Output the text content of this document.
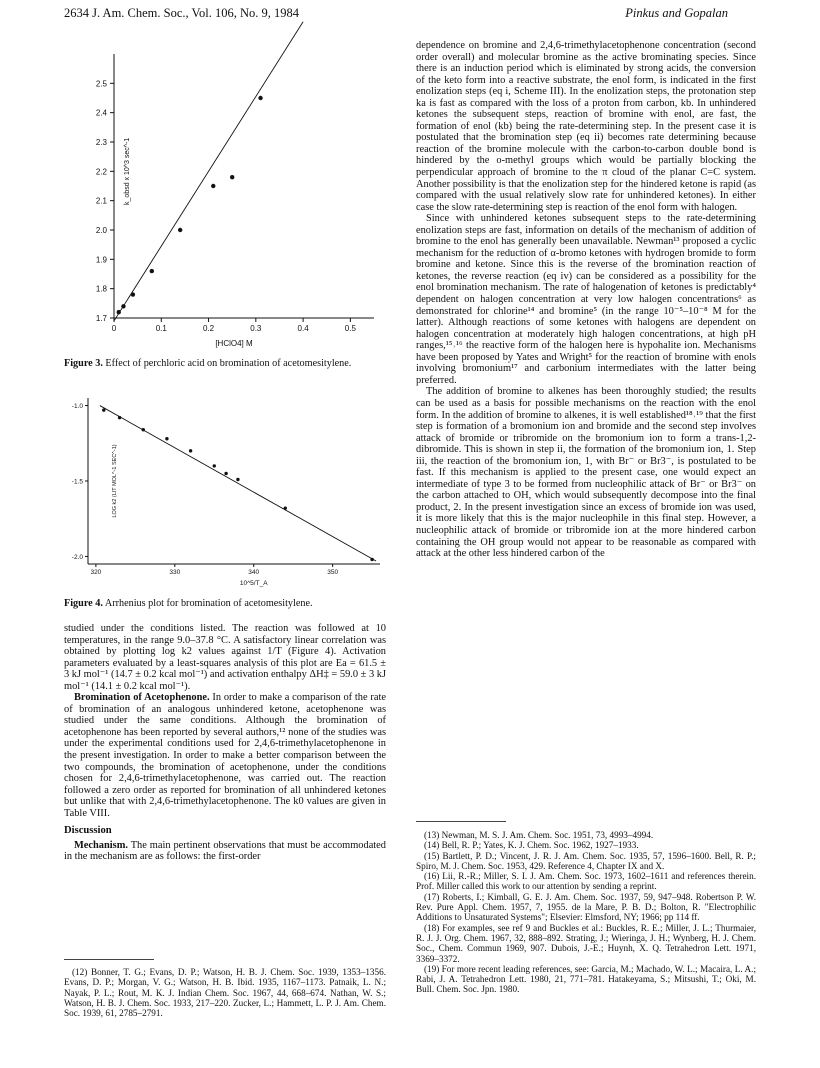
2634 J. Am. Chem. Soc., Vol. 106, No. 9, 1984	Pinkus and Gopalan
1.7
1.8
1.9
2.0
2.1
2.2
2.3
2.4
2.5
0	0.1	0.2	0.3	0.4	0.5
k_obsd x 10^3 sec^-1
[HClO4] M
Figure 3. Effect of perchloric acid on bromination of acetomesitylene.
-1.0
-1.5
-2.0
320	330	340	350
LOG k2 (LIT MOL^-1 SEC^-1)
10^5/T_A
Figure 4. Arrhenius plot for bromination of acetomesitylene.

studied under the conditions listed. The reaction was followed at 10 temperatures, in the range 9.0–37.8 °C. A satisfactory linear correlation was obtained by plotting log k2 values against 1/T (Figure 4). Activation parameters evaluated by a least-squares analysis of this plot are Ea = 61.5 ± 3 kJ mol⁻¹ (14.7 ± 0.2 kcal mol⁻¹) and activation enthalpy ΔH‡ = 59.0 ± 3 kJ mol⁻¹ (14.1 ± 0.2 kcal mol⁻¹).

Bromination of Acetophenone. In order to make a comparison of the rate of bromination of an analogous unhindered ketone, acetophenone was studied under the same conditions. Although the bromination of acetophenone has been reported by several authors,¹² none of the studies was under the experimental conditions used for 2,4,6-trimethylacetophenone in the present investigation. In order to make a better comparison between the two compounds, the bromination of acetophenone, under the conditions chosen for 2,4,6-trimethylacetophenone, was carried out. The reaction followed a zero order as reported for bromination of all unhindered ketones but unlike that with 2,4,6-trimethylacetophenone. The k0 values are given in Table VIII.

Discussion

Mechanism. The main pertinent observations that must be accommodated in the mechanism are as follows: the first-order

(12) Bonner, T. G.; Evans, D. P.; Watson, H. B. J. Chem. Soc. 1939, 1353–1356. Evans, D. P.; Morgan, V. G.; Watson, H. B. Ibid. 1935, 1167–1173. Patnaik, L. N.; Nayak, P. L.; Rout, M. K. J. Indian Chem. Soc. 1967, 44, 668–674. Nathan, W. S.; Watson, H. B. J. Chem. Soc. 1933, 217–220. Zucker, L.; Hammett, L. P. J. Am. Chem. Soc. 1939, 61, 2785–2791.

dependence on bromine and 2,4,6-trimethylacetophenone concentration (second order overall) and molecular bromine as the active brominating species. Since there is an induction period which is eliminated by strong acids, the conversion of the keto form into a reactive substrate, the enol form, is indicated in the first enolization steps (eq i, Scheme III). In the enolization steps, the protonation step ka is fast as compared with the loss of a proton from carbon, kb. In unhindered ketones the subsequent steps, reaction of bromine with enol, are fast, the formation of enol (kb) being the rate-determining step. In the present case it is postulated that the bromination step (eq ii) becomes rate determining because reaction of the bromine molecule with the carbon-to-carbon double bond is hindered by the o-methyl groups which would be partially blocking the perpendicular approach of bromine to the π cloud of the planar C=C system. Another possibility is that the enolization step for the hindered ketone is rapid (as compared with the usual relatively slow rate for unhindered ketones). In either case the slow rate-determining step is reaction of the enol form with halogen.

Since with unhindered ketones subsequent steps to the rate-determining enolization steps are fast, information on details of the mechanism of addition of bromine to the enol has generally been unavailable. Newman¹³ proposed a cyclic mechanism for the reduction of α-bromo ketones with hydrogen bromide to form bromine and ketone. Since this is the reverse of the bromination reaction of ketones, the reverse reaction (eq iv) can be considered as a possibility for the enol bromination mechanism. The rate of halogenation of ketones is predictably⁴ dependent on halogen concentration at very low halogen concentrations⁶ as demonstrated for chlorine¹⁴ and bromine⁵ (in the range 10⁻⁵–10⁻⁸ M for the latter). Although reactions of some ketones with halogens are dependent on halogen concentration at moderately high halogen concentrations, at high pH ranges,¹⁵˒¹⁶ the reactive form of the halogen here is hypohalite ion. Mechanisms have been proposed by Yates and Wright⁵ for the reaction of bromine with enols involving bromonium¹⁷ and carbonium intermediates with the latter being preferred.

The addition of bromine to alkenes has been thoroughly studied; the results can be used as a basis for possible mechanisms on the reaction with the enol form. In the addition of bromine to alkenes, it is well established¹⁸˒¹⁹ that the first step is formation of a bromonium ion and bromide and the second step involves attack of bromide or tribromide on the bromonium ion to form a trans-1,2-dibromide. This is shown in step ii, the formation of the bromonium ion, 1. Step iii, the reaction of the bromonium ion, 1, with Br⁻ or Br3⁻, is postulated to be fast. If this mechanism is applied to the present case, one would expect an intermediate of type 3 to be formed from nucleophilic attack of Br⁻ or Br3⁻ on the carbon attached to OH, which would subsequently decompose into the final product, 2. In the present investigation since an excess of bromide ion was used, it is more likely that this is the major nucleophile in this final step. However, a nucleophilic attack of bromide or tribromide ion at the more hindered carbon containing the OH group would not appear to be reasonable as compared with attack at the other less hindered carbon of the

(13) Newman, M. S. J. Am. Chem. Soc. 1951, 73, 4993–4994.

(14) Bell, R. P.; Yates, K. J. Chem. Soc. 1962, 1927–1933.

(15) Bartlett, P. D.; Vincent, J. R. J. Am. Chem. Soc. 1935, 57, 1596–1600. Bell, R. P.; Spiro, M. J. Chem. Soc. 1953, 429. Reference 4, Chapter IX and X.

(16) Lii, R.-R.; Miller, S. I. J. Am. Chem. Soc. 1973, 1602–1611 and references therein. Prof. Miller called this work to our attention by sending a reprint.

(17) Roberts, I.; Kimball, G. E. J. Am. Chem. Soc. 1937, 59, 947–948. Robertson P. W. Rev. Pure Appl. Chem. 1957, 7, 1955. de la Mare, P. B. D.; Bolton, R. "Electrophilic Additions to Unsaturated Systems"; Elsevier: Elmsford, NY; 1966; pp 114 ff.

(18) For examples, see ref 9 and Buckles et al.: Buckles, R. E.; Miller, J. L.; Thurmaier, R. J. J. Org. Chem. 1967, 32, 888–892. Strating, J.; Wieringa, J. H.; Wynberg, H. J. Chem. Soc., Chem. Commun 1969, 907. Dubois, J.-E.; Huynh, X. Q. Tetrahedron Lett. 1971, 3369–3372.

(19) For more recent leading references, see: Garcia, M.; Machado, W. L.; Macaira, L. A.; Rabi, J. A. Tetrahedron Lett. 1980, 21, 771–781. Hatakeyama, S.; Mitsushi, T.; Oki, M. Bull. Chem. Soc. Jpn. 1980.
